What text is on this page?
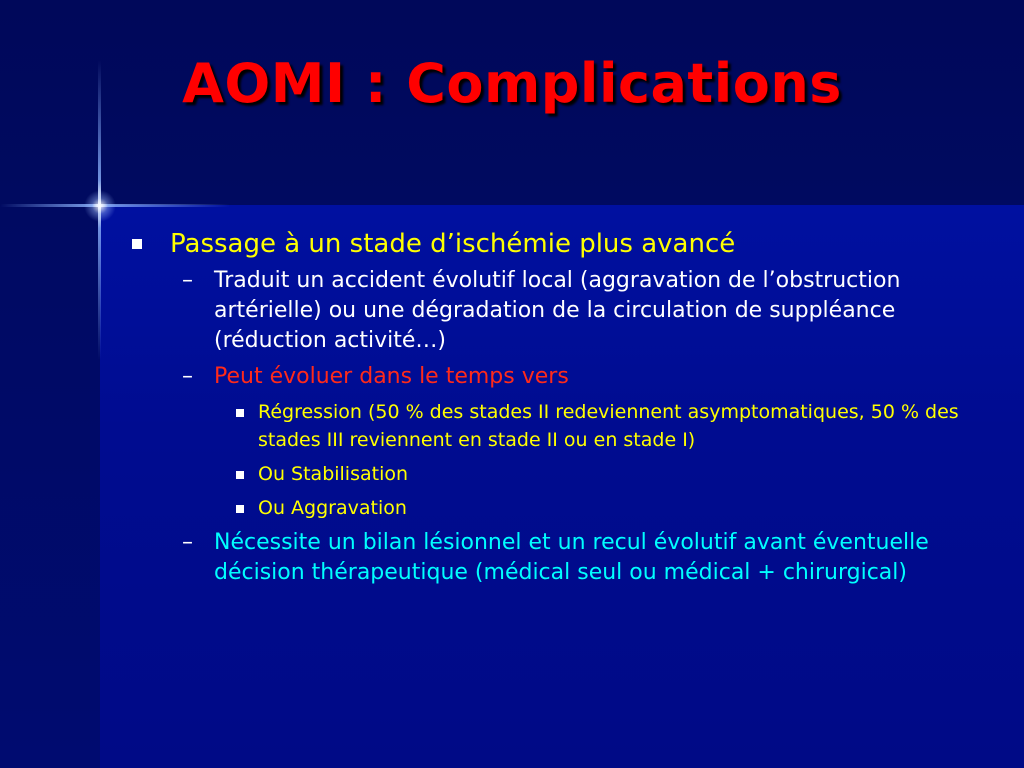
AOMI : Complications
Passage à un stade d’ischémie plus avancé
– Traduit un accident évolutif local (aggravation de l’obstruction artérielle) ou une dégradation de la circulation de suppléance (réduction activité…)
– Peut évoluer dans le temps vers
Régression (50 % des stades II redeviennent asymptomatiques, 50 % des stades III reviennent en stade II ou en stade I)
Ou Stabilisation
Ou Aggravation
– Nécessite un bilan lésionnel et un recul évolutif avant éventuelle décision thérapeutique (médical seul ou médical + chirurgical)
